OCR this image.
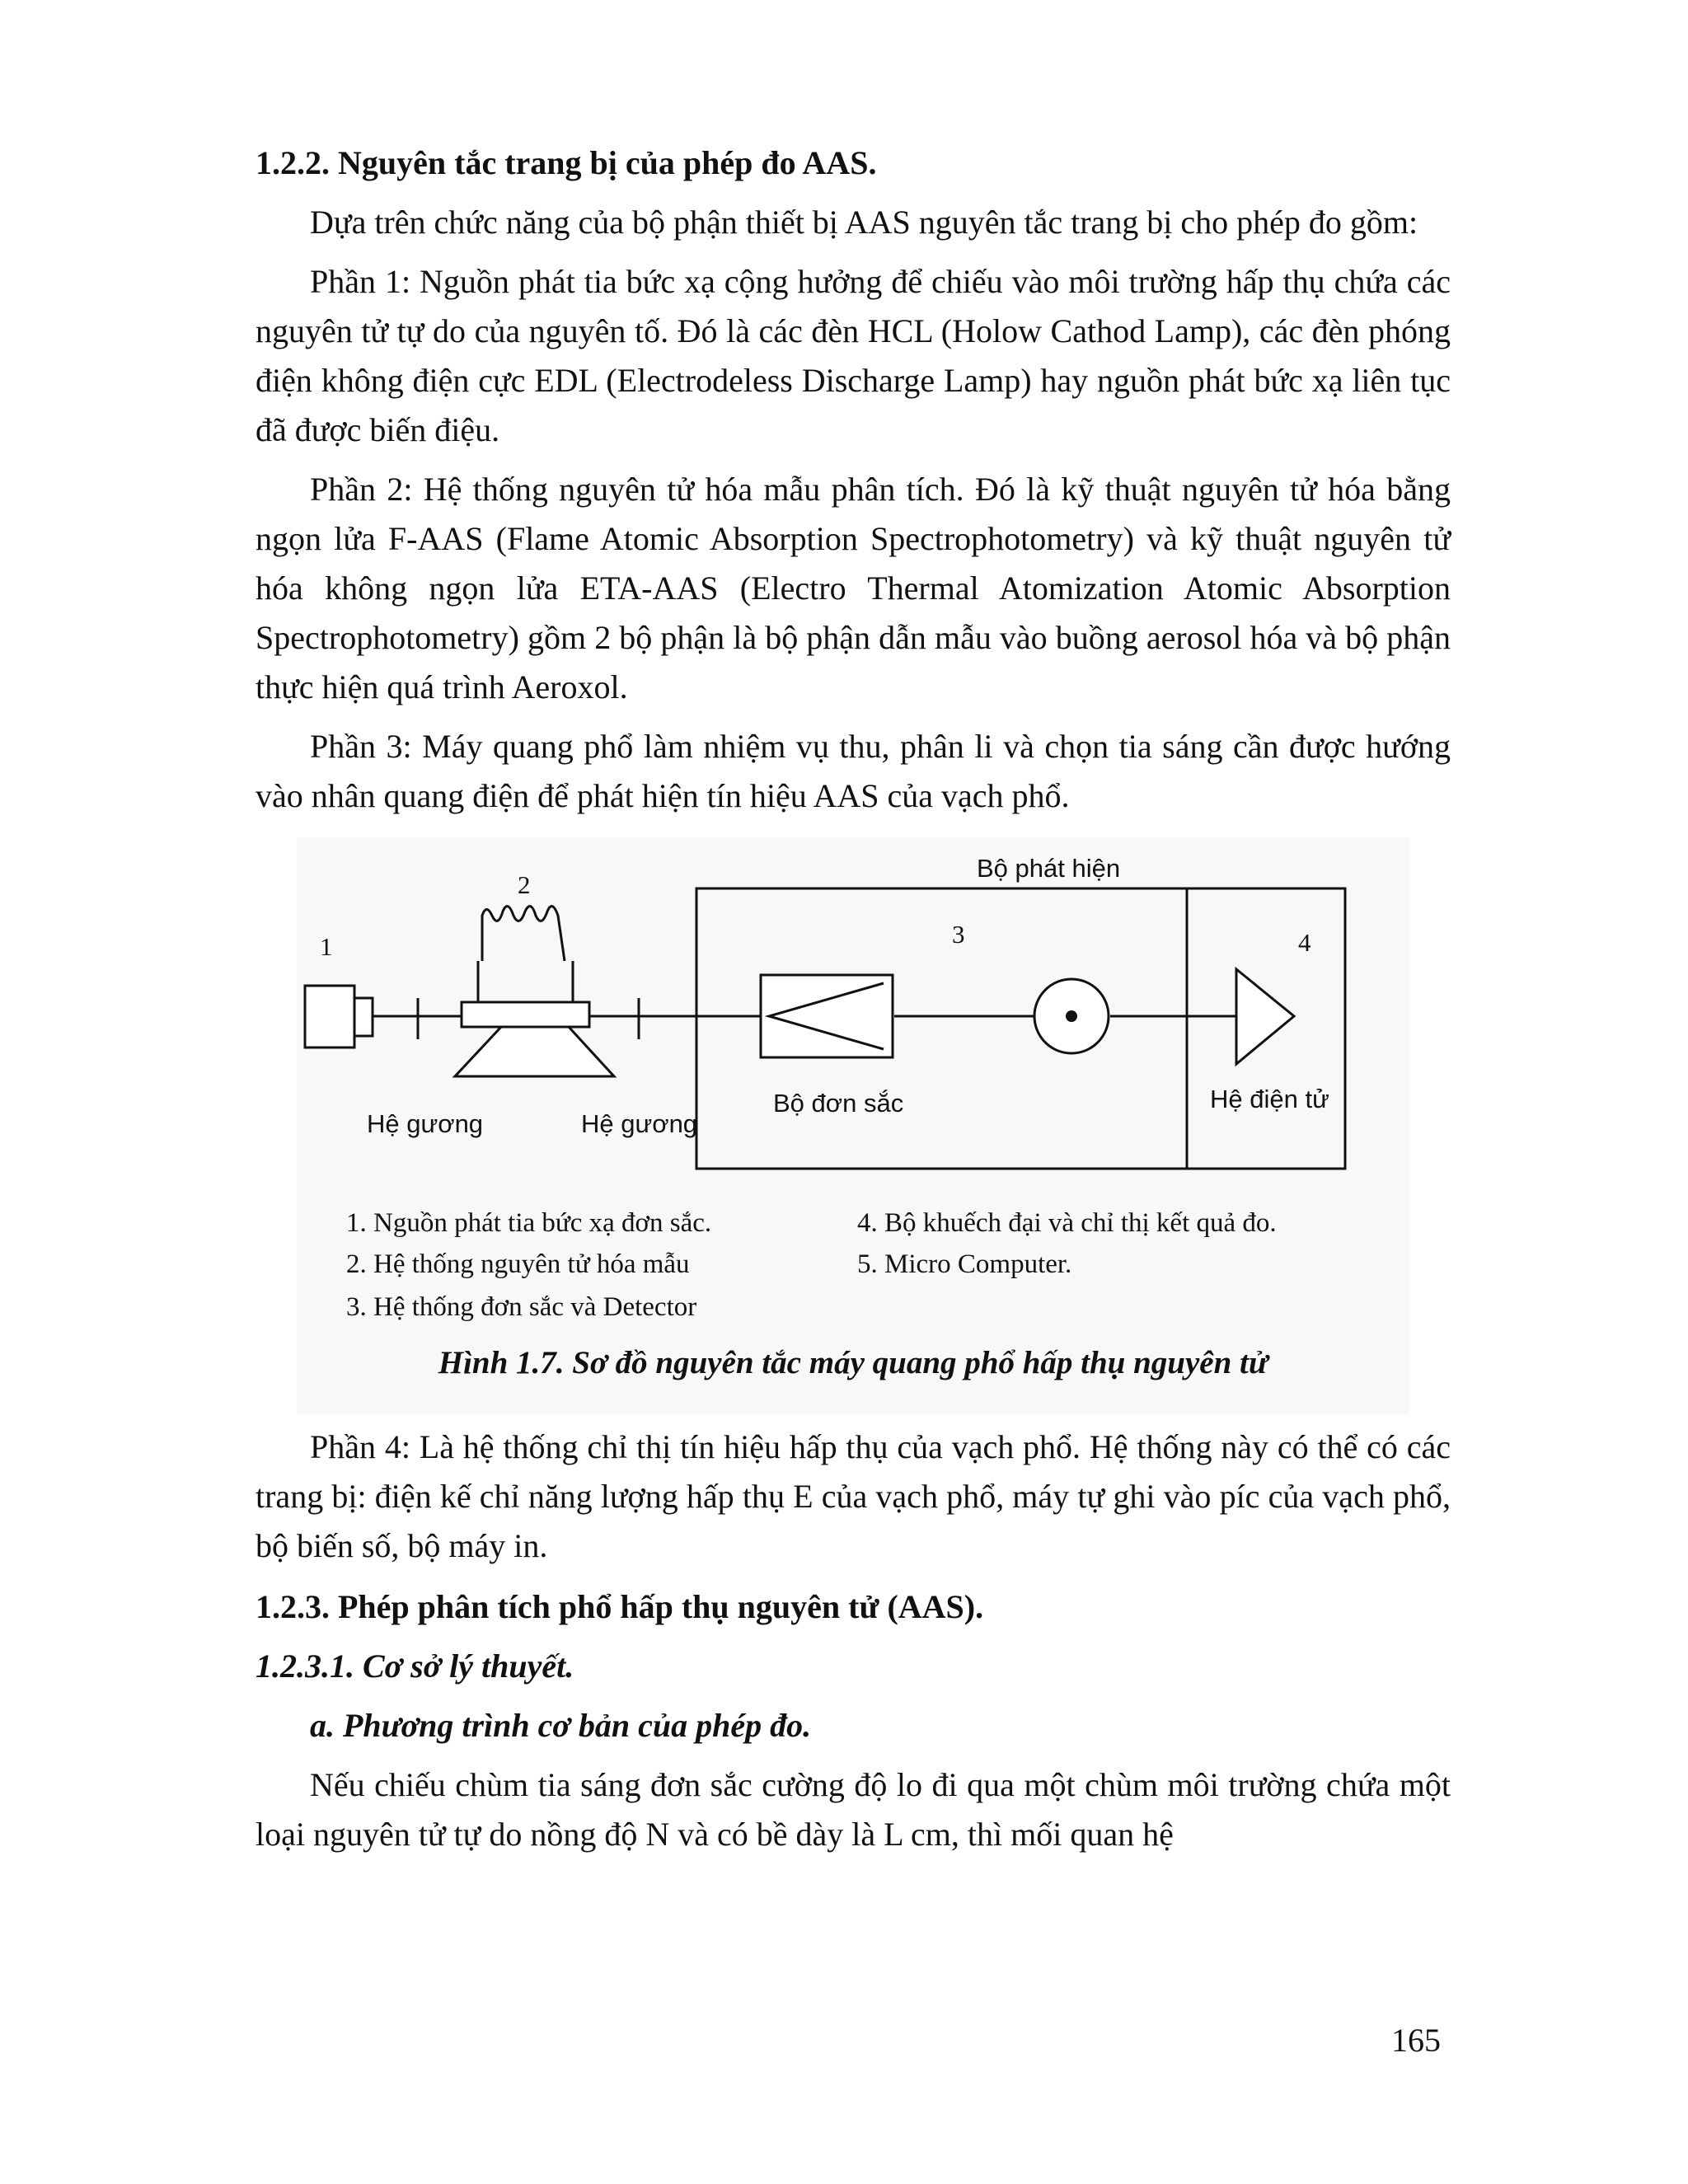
1.2.2. Nguyên tắc trang bị của phép đo AAS.

Dựa trên chức năng của bộ phận thiết bị AAS nguyên tắc trang bị cho phép đo gồm:

Phần 1: Nguồn phát tia bức xạ cộng hưởng để chiếu vào môi trường hấp thụ chứa các nguyên tử tự do của nguyên tố. Đó là các đèn HCL (Holow Cathod Lamp), các đèn phóng điện không điện cực EDL (Electrodeless Discharge Lamp) hay nguồn phát bức xạ liên tục đã được biến điệu.

Phần 2: Hệ thống nguyên tử hóa mẫu phân tích. Đó là kỹ thuật nguyên tử hóa bằng ngọn lửa F-AAS (Flame Atomic Absorption Spectrophotometry) và kỹ thuật nguyên tử hóa không ngọn lửa ETA-AAS (Electro Thermal Atomization Atomic Absorption Spectrophotometry) gồm 2 bộ phận là bộ phận dẫn mẫu vào buồng aerosol hóa và bộ phận thực hiện quá trình Aeroxol.

Phần 3: Máy quang phổ làm nhiệm vụ thu, phân li và chọn tia sáng cần được hướng vào nhân quang điện để phát hiện tín hiệu AAS của vạch phổ.

Bộ phát hiện
1
2
3	4
Hệ gương	Hệ gương
Bộ đơn sắc	Hệ điện tử
1. Nguồn phát tia bức xạ đơn sắc.
2. Hệ thống nguyên tử hóa mẫu
3. Hệ thống đơn sắc và Detector
4. Bộ khuếch đại và chỉ thị kết quả đo.
5. Micro Computer.
Hình 1.7. Sơ đồ nguyên tắc máy quang phổ hấp thụ nguyên tử

Phần 4: Là hệ thống chỉ thị tín hiệu hấp thụ của vạch phổ. Hệ thống này có thể có các trang bị: điện kế chỉ năng lượng hấp thụ E của vạch phổ, máy tự ghi vào píc của vạch phổ, bộ biến số, bộ máy in.

1.2.3. Phép phân tích phổ hấp thụ nguyên tử (AAS).
1.2.3.1. Cơ sở lý thuyết.
a. Phương trình cơ bản của phép đo.

Nếu chiếu chùm tia sáng đơn sắc cường độ lo đi qua một chùm môi trường chứa một loại nguyên tử tự do nồng độ N và có bề dày là L cm, thì mối quan hệ

165
